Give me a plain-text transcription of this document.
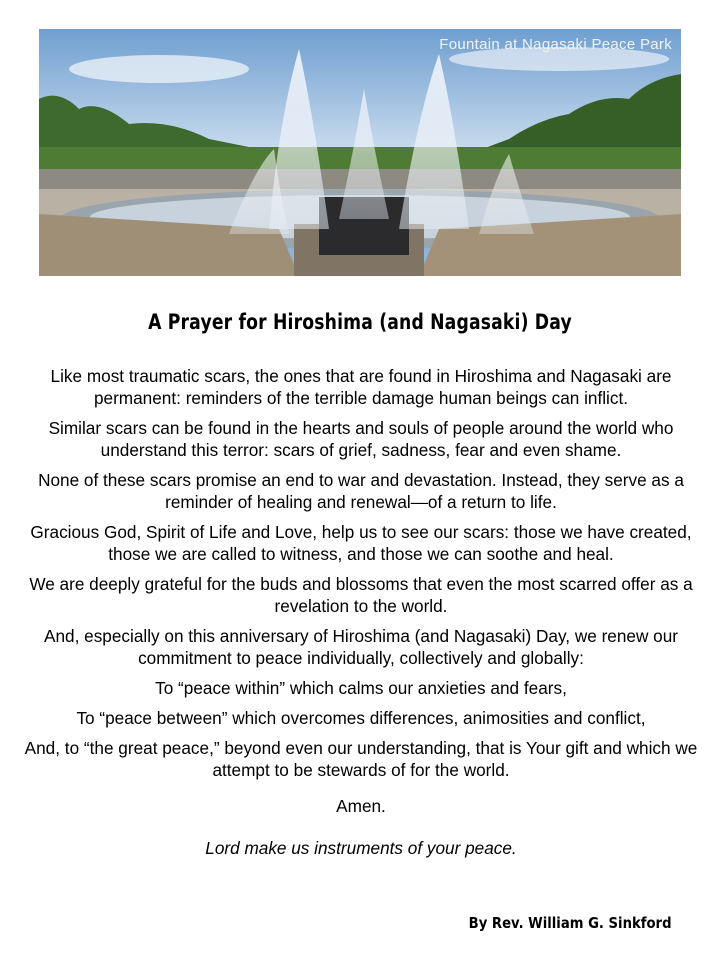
Fountain at Nagasaki Peace Park
A Prayer for Hiroshima (and Nagasaki) Day

Like most traumatic scars, the ones that are found in Hiroshima and Nagasaki are permanent: reminders of the terrible damage human beings can inflict.

Similar scars can be found in the hearts and souls of people around the world who understand this terror: scars of grief, sadness, fear and even shame.

None of these scars promise an end to war and devastation. Instead, they serve as a reminder of healing and renewal—of a return to life.

Gracious God, Spirit of Life and Love, help us to see our scars: those we have created, those we are called to witness, and those we can soothe and heal.

We are deeply grateful for the buds and blossoms that even the most scarred offer as a revelation to the world.

And, especially on this anniversary of Hiroshima (and Nagasaki) Day, we renew our commitment to peace individually, collectively and globally:

To “peace within” which calms our anxieties and fears,

To “peace between” which overcomes differences, animosities and conflict,

And, to “the great peace,” beyond even our understanding, that is Your gift and which we attempt to be stewards of for the world.

Amen.

Lord make us instruments of your peace.

By Rev. William G. Sinkford
